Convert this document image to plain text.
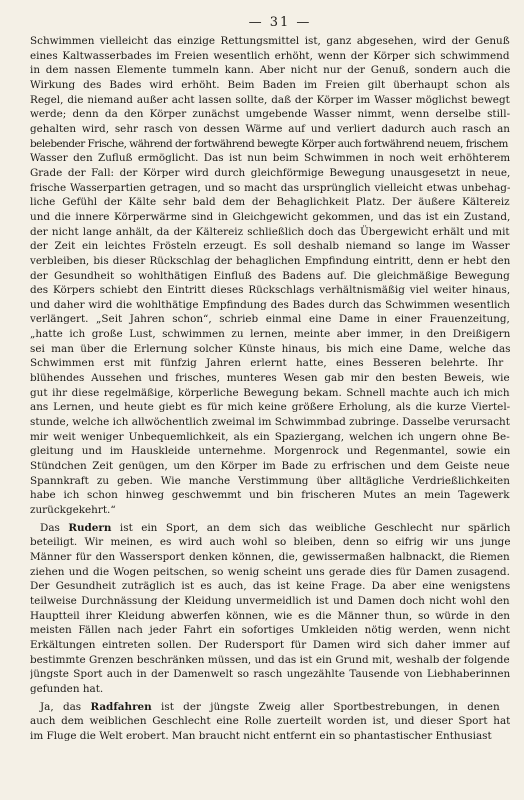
— 31 —

Schwimmen vielleicht das einzige Rettungsmittel ist, ganz abgesehen, wird der Genuß
eines Kaltwasserbades im Freien wesentlich erhöht, wenn der Körper sich schwimmend
in dem nassen Elemente tummeln kann. Aber nicht nur der Genuß, sondern auch die
Wirkung des Bades wird erhöht. Beim Baden im Freien gilt überhaupt schon als
Regel, die niemand außer acht lassen sollte, daß der Körper im Wasser möglichst bewegt
werde; denn da den Körper zunächst umgebende Wasser nimmt, wenn derselbe still-
gehalten wird, sehr rasch von dessen Wärme auf und verliert dadurch auch rasch an
belebender Frische, während der fortwährend bewegte Körper auch fortwährend neuem, frischem
Wasser den Zufluß ermöglicht. Das ist nun beim Schwimmen in noch weit erhöhterem
Grade der Fall: der Körper wird durch gleichförmige Bewegung unausgesetzt in neue,
frische Wasserpartien getragen, und so macht das ursprünglich vielleicht etwas unbehag-
liche Gefühl der Kälte sehr bald dem der Behaglichkeit Platz. Der äußere Kältereiz
und die innere Körperwärme sind in Gleichgewicht gekommen, und das ist ein Zustand,
der nicht lange anhält, da der Kältereiz schließlich doch das Übergewicht erhält und mit
der Zeit ein leichtes Frösteln erzeugt. Es soll deshalb niemand so lange im Wasser
verbleiben, bis dieser Rückschlag der behaglichen Empfindung eintritt, denn er hebt den
der Gesundheit so wohlthätigen Einfluß des Badens auf. Die gleichmäßige Bewegung
des Körpers schiebt den Eintritt dieses Rückschlags verhältnismäßig viel weiter hinaus,
und daher wird die wohlthätige Empfindung des Bades durch das Schwimmen wesentlich
verlängert. „Seit Jahren schon“, schrieb einmal eine Dame in einer Frauenzeitung,
„hatte ich große Lust, schwimmen zu lernen, meinte aber immer, in den Dreißigern
sei man über die Erlernung solcher Künste hinaus, bis mich eine Dame, welche das
Schwimmen erst mit fünfzig Jahren erlernt hatte, eines Besseren belehrte. Ihr
blühendes Aussehen und frisches, munteres Wesen gab mir den besten Beweis, wie
gut ihr diese regelmäßige, körperliche Bewegung bekam. Schnell machte auch ich mich
ans Lernen, und heute giebt es für mich keine größere Erholung, als die kurze Viertel-
stunde, welche ich allwöchentlich zweimal im Schwimmbad zubringe. Dasselbe verursacht
mir weit weniger Unbequemlichkeit, als ein Spaziergang, welchen ich ungern ohne Be-
gleitung und im Hauskleide unternehme. Morgenrock und Regenmantel, sowie ein
Stündchen Zeit genügen, um den Körper im Bade zu erfrischen und dem Geiste neue
Spannkraft zu geben. Wie manche Verstimmung über alltägliche Verdrießlichkeiten
habe ich schon hinweg geschwemmt und bin frischeren Mutes an mein Tagewerk
zurückgekehrt.“

Das Rudern ist ein Sport, an dem sich das weibliche Geschlecht nur spärlich
beteiligt. Wir meinen, es wird auch wohl so bleiben, denn so eifrig wir uns junge
Männer für den Wassersport denken können, die, gewissermaßen halbnackt, die Riemen
ziehen und die Wogen peitschen, so wenig scheint uns gerade dies für Damen zusagend.
Der Gesundheit zuträglich ist es auch, das ist keine Frage. Da aber eine wenigstens
teilweise Durchnässung der Kleidung unvermeidlich ist und Damen doch nicht wohl den
Hauptteil ihrer Kleidung abwerfen können, wie es die Männer thun, so würde in den
meisten Fällen nach jeder Fahrt ein sofortiges Umkleiden nötig werden, wenn nicht
Erkältungen eintreten sollen. Der Rudersport für Damen wird sich daher immer auf
bestimmte Grenzen beschränken müssen, und das ist ein Grund mit, weshalb der folgende
jüngste Sport auch in der Damenwelt so rasch ungezählte Tausende von Liebhaberinnen
gefunden hat.

Ja, das Radfahren ist der jüngste Zweig aller Sportbestrebungen, in denen
auch dem weiblichen Geschlecht eine Rolle zuerteilt worden ist, und dieser Sport hat
im Fluge die Welt erobert. Man braucht nicht entfernt ein so phantastischer Enthusiast
